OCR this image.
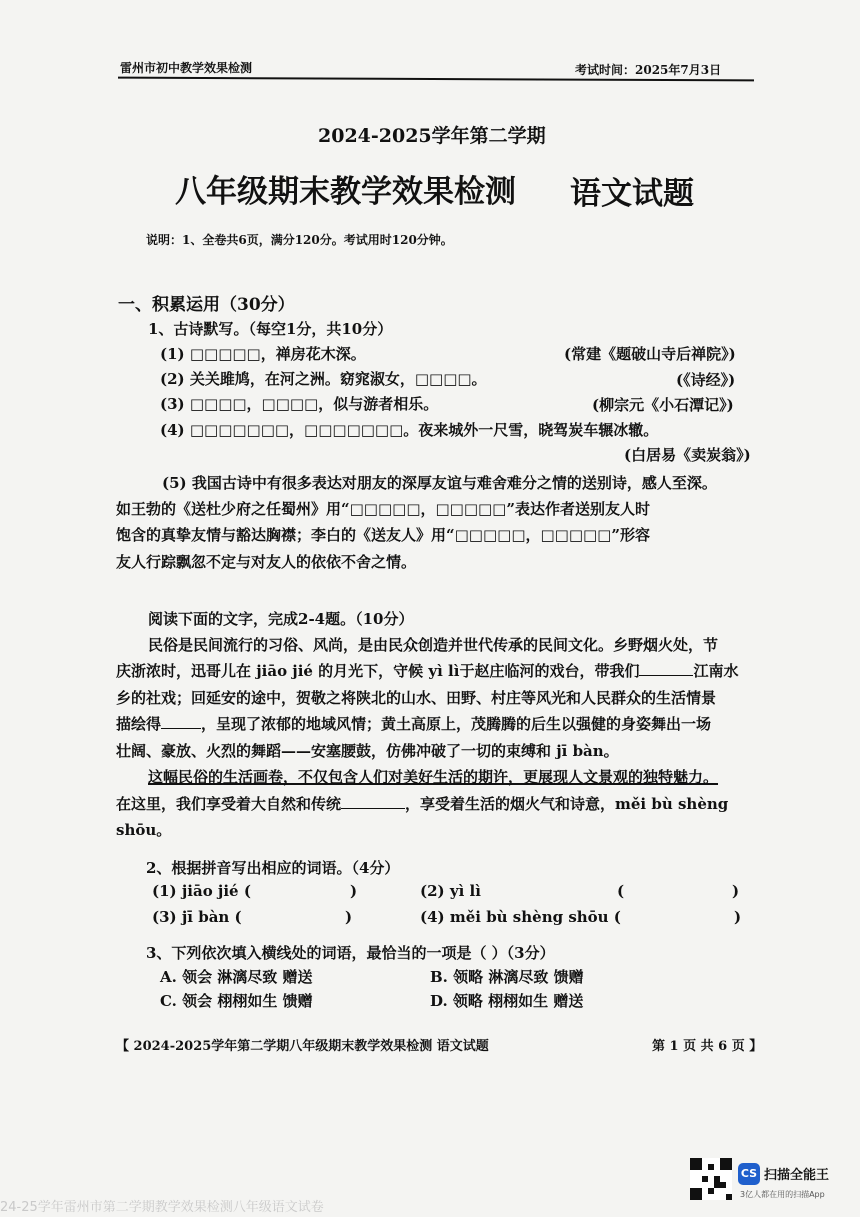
雷州市初中教学效果检测	考试时间：2025年7月3日
2024-2025学年第二学期
八年级期末教学效果检测 语文试题
说明：1、全卷共6页，满分120分。考试用时120分钟。
一、积累运用（30分）
1、古诗默写。（每空1分，共10分）
(1) □□□□□，禅房花木深。	(常建《题破山寺后禅院》)
(2) 关关雎鸠，在河之洲。窈窕淑女，□□□□。	(《诗经》)
(3) □□□□，□□□□，似与游者相乐。	(柳宗元《小石潭记》)
(4) □□□□□□□，□□□□□□□。夜来城外一尺雪，晓驾炭车辗冰辙。
(白居易《卖炭翁》)
(5) 我国古诗中有很多表达对朋友的深厚友谊与难舍难分之情的送别诗，感人至深。
如王勃的《送杜少府之任蜀州》用“□□□□□，□□□□□”表达作者送别友人时
饱含的真挚友情与豁达胸襟；李白的《送友人》用“□□□□□，□□□□□”形容
友人行踪飘忽不定与对友人的依依不舍之情。
阅读下面的文字，完成2-4题。（10分）
民俗是民间流行的习俗、风尚，是由民众创造并世代传承的民间文化。乡野烟火处，节
庆浙浓时，迅哥儿在 jiāo jié 的月光下，守候 yì lì于赵庄临河的戏台，带我们	江南水
乡的社戏；回延安的途中，贺敬之将陕北的山水、田野、村庄等风光和人民群众的生活情景
描绘得	，呈现了浓郁的地域风情；黄土高原上，茂腾腾的后生以强健的身姿舞出一场
壮阔、豪放、火烈的舞蹈——安塞腰鼓，仿佛冲破了一切的束缚和 jī bàn。
这幅民俗的生活画卷，不仅包含人们对美好生活的期许，更展现人文景观的独特魅力。
在这里，我们享受着大自然和传统	，享受着生活的烟火气和诗意，měi bù shèng
shōu。
2、根据拼音写出相应的词语。（4分）
(1) jiāo jié (	)	(2) yì lì	(	)
(3) jī bàn (	)	(4) měi bù shèng shōu (	)
3、下列依次填入横线处的词语，最恰当的一项是（ ）（3分）
A. 领会 淋漓尽致 赠送	B. 领略 淋漓尽致 馈赠
C. 领会 栩栩如生 馈赠	D. 领略 栩栩如生 赠送
【 2024-2025学年第二学期八年级期末教学效果检测 语文试题	第 1 页 共 6 页 】
CS 扫描全能王
3亿人都在用的扫描App
24-25学年雷州市第二学期教学效果检测八年级语文试卷
